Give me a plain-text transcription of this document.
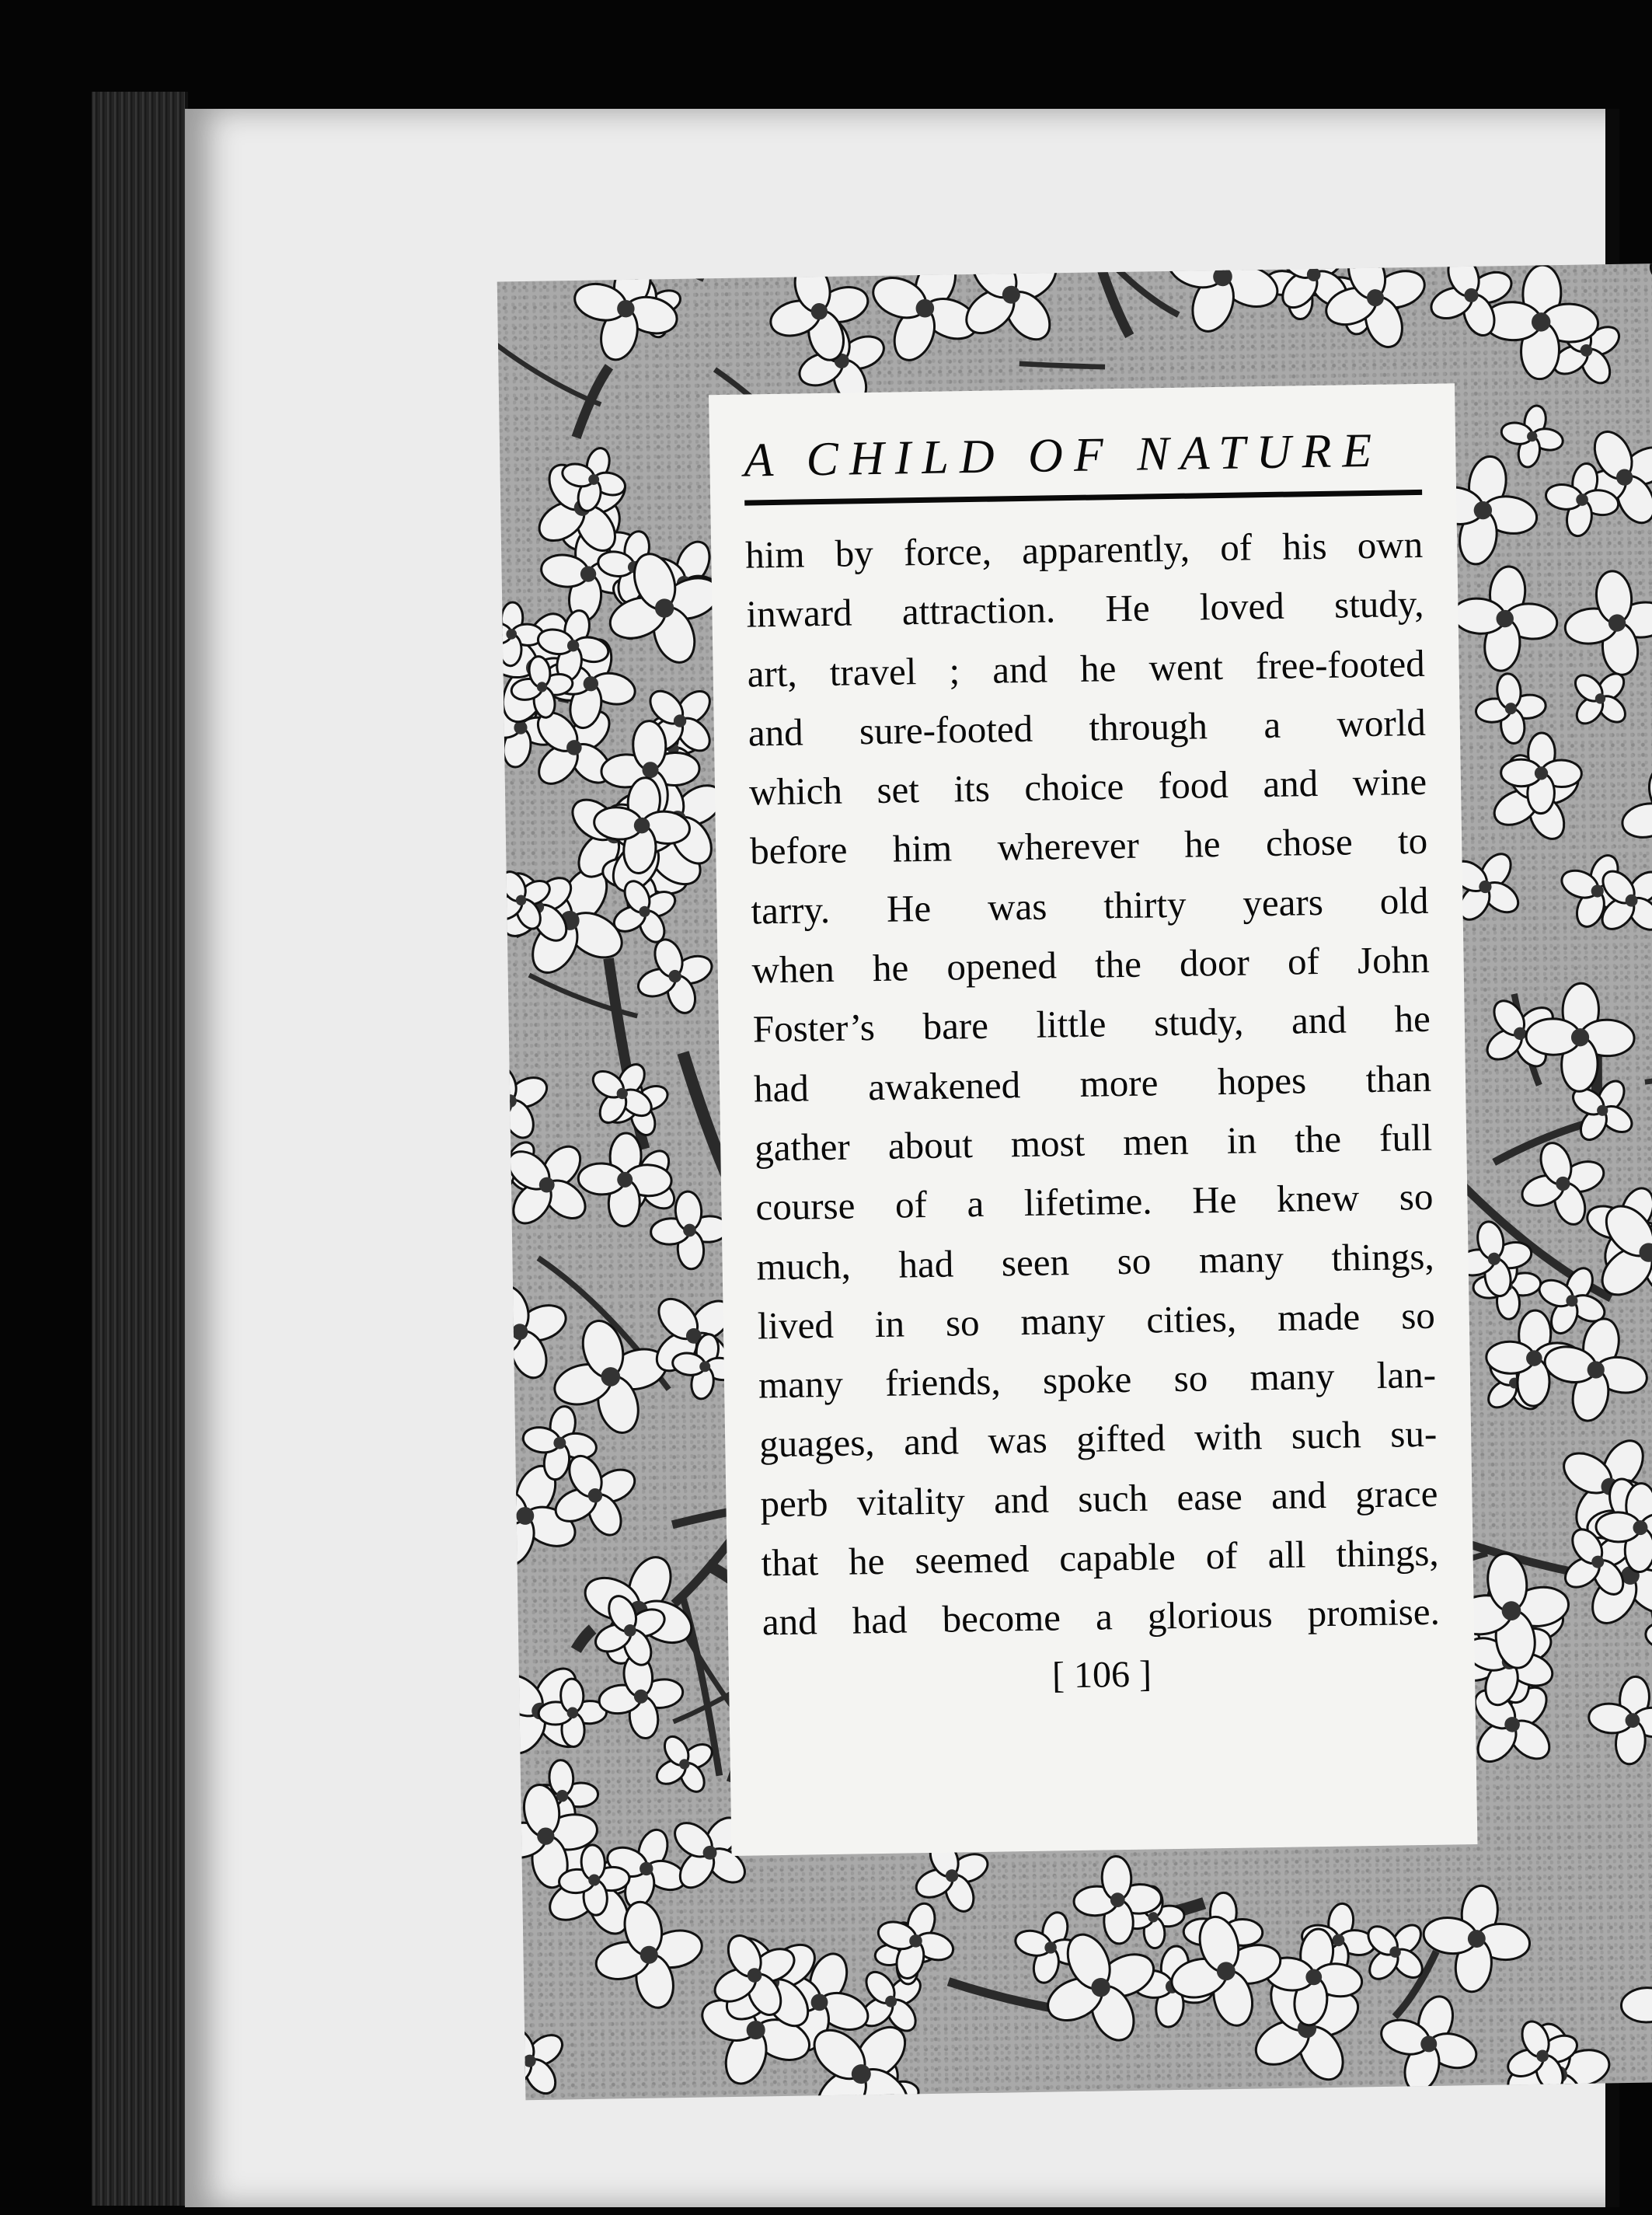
A CHILD OF NATURE
him by force, apparently, of his own
inward attraction. He loved study,
art, travel ; and he went free-footed
and sure-footed through a world
which set its choice food and wine
before him wherever he chose to
tarry. He was thirty years old
when he opened the door of John
Foster’s bare little study, and he
had awakened more hopes than
gather about most men in the full
course of a lifetime. He knew so
much, had seen so many things,
lived in so many cities, made so
many friends, spoke so many lan-
guages, and was gifted with such su-
perb vitality and such ease and grace
that he seemed capable of all things,
and had become a glorious promise.
[ 106 ]
